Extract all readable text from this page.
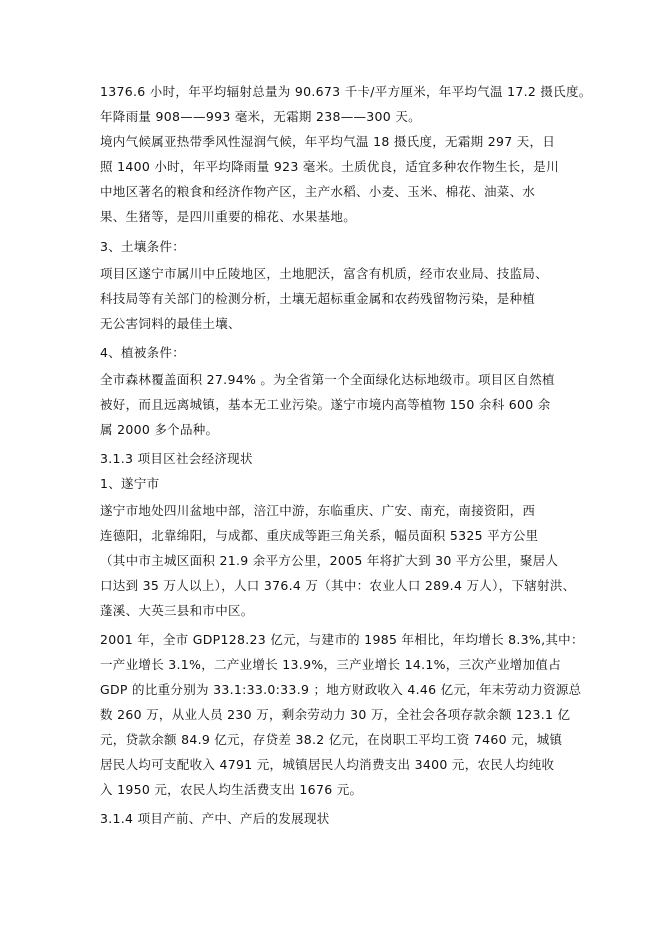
1376.6 小时，年平均辐射总量为 90.673 千卡/平方厘米，年平均气温 17.2 摄氏度。
年降雨量 908——993 毫米，无霜期 238——300 天。
境内气候属亚热带季风性湿润气候，年平均气温 18 摄氏度，无霜期 297 天，日
照 1400 小时，年平均降雨量 923 毫米。土质优良，适宜多种农作物生长，是川
中地区著名的粮食和经济作物产区，主产水稻、小麦、玉米、棉花、油菜、水
果、生猪等，是四川重要的棉花、水果基地。
3、土壤条件：
项目区遂宁市属川中丘陵地区，土地肥沃，富含有机质，经市农业局、技监局、
科技局等有关部门的检测分析，土壤无超标重金属和农药残留物污染，是种植
无公害饲料的最佳土壤、
4、植被条件：
全市森林覆盖面积 27.94% 。为全省第一个全面绿化达标地级市。项目区自然植
被好，而且远离城镇，基本无工业污染。遂宁市境内高等植物 150 余科 600 余
属 2000 多个品种。
3.1.3 项目区社会经济现状
1、遂宁市
遂宁市地处四川盆地中部，涪江中游，东临重庆、广安、南充，南接资阳，西
连德阳，北靠绵阳，与成都、重庆成等距三角关系，幅员面积 5325 平方公里
（其中市主城区面积 21.9 余平方公里，2005 年将扩大到 30 平方公里，聚居人
口达到 35 万人以上），人口 376.4 万（其中：农业人口 289.4 万人），下辖射洪、
蓬溪、大英三县和市中区。
2001 年，全市 GDP128.23 亿元，与建市的 1985 年相比，年均增长 8.3%,其中：
一产业增长 3.1%，二产业增长 13.9%，三产业增长 14.1%，三次产业增加值占
GDP 的比重分别为 33.1:33.0:33.9 ；地方财政收入 4.46 亿元，年末劳动力资源总
数 260 万，从业人员 230 万，剩余劳动力 30 万，全社会各项存款余额 123.1 亿
元，贷款余额 84.9 亿元，存贷差 38.2 亿元，在岗职工平均工资 7460 元，城镇
居民人均可支配收入 4791 元，城镇居民人均消费支出 3400 元，农民人均纯收
入 1950 元，农民人均生活费支出 1676 元。
3.1.4 项目产前、产中、产后的发展现状
